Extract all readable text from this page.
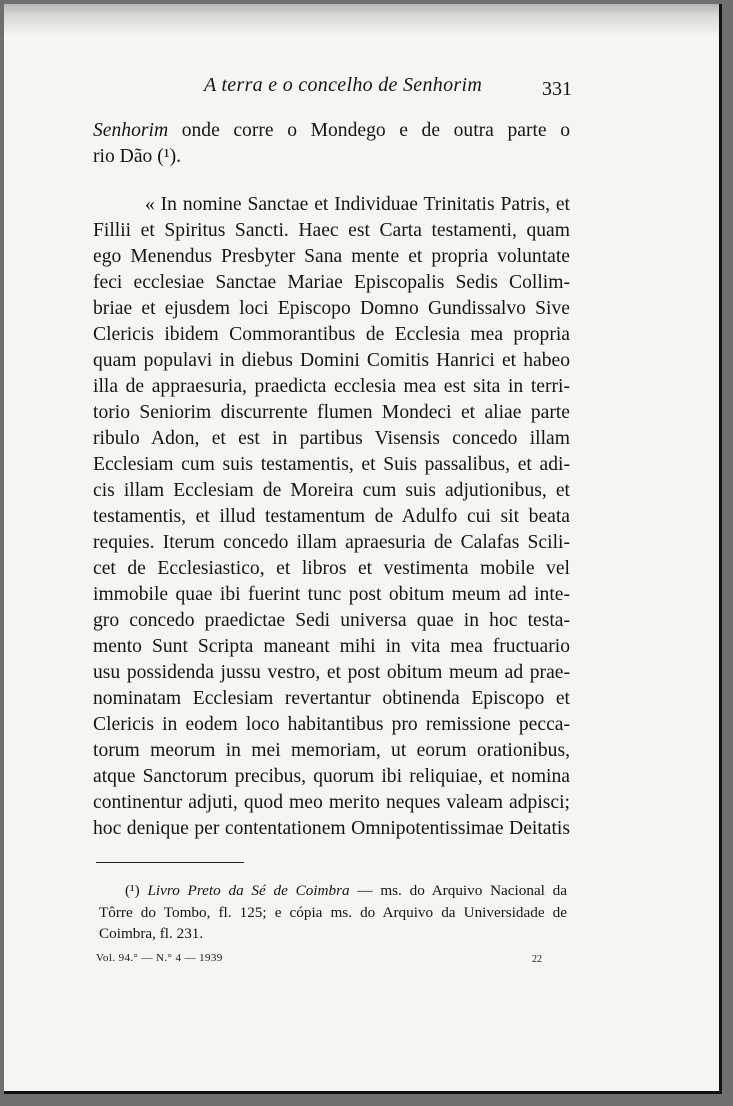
A terra e o concelho de Senhorim	331
Senhorim onde corre o Mondego e de outra parte o
rio Dão (¹).
« In nomine Sanctae et Individuae Trinitatis Patris, et
Fillii et Spiritus Sancti. Haec est Carta testamenti, quam
ego Menendus Presbyter Sana mente et propria voluntate
feci ecclesiae Sanctae Mariae Episcopalis Sedis Collim-
briae et ejusdem loci Episcopo Domno Gundissalvo Sive
Clericis ibidem Commorantibus de Ecclesia mea propria
quam populavi in diebus Domini Comitis Hanrici et habeo
illa de appraesuria, praedicta ecclesia mea est sita in terri-
torio Seniorim discurrente flumen Mondeci et aliae parte
ribulo Adon, et est in partibus Visensis concedo illam
Ecclesiam cum suis testamentis, et Suis passalibus, et adi-
cis illam Ecclesiam de Moreira cum suis adjutionibus, et
testamentis, et illud testamentum de Adulfo cui sit beata
requies. Iterum concedo illam apraesuria de Calafas Scili-
cet de Ecclesiastico, et libros et vestimenta mobile vel
immobile quae ibi fuerint tunc post obitum meum ad inte-
gro concedo praedictae Sedi universa quae in hoc testa-
mento Sunt Scripta maneant mihi in vita mea fructuario
usu possidenda jussu vestro, et post obitum meum ad prae-
nominatam Ecclesiam revertantur obtinenda Episcopo et
Clericis in eodem loco habitantibus pro remissione pecca-
torum meorum in mei memoriam, ut eorum orationibus,
atque Sanctorum precibus, quorum ibi reliquiae, et nomina
continentur adjuti, quod meo merito neques valeam adpisci;
hoc denique per contentationem Omnipotentissimae Deitatis
(¹) Livro Preto da Sé de Coimbra — ms. do Arquivo Nacional da
Tôrre do Tombo, fl. 125; e cópia ms. do Arquivo da Universidade de
Coimbra, fl. 231.
Vol. 94.° — N.° 4 — 1939	22
